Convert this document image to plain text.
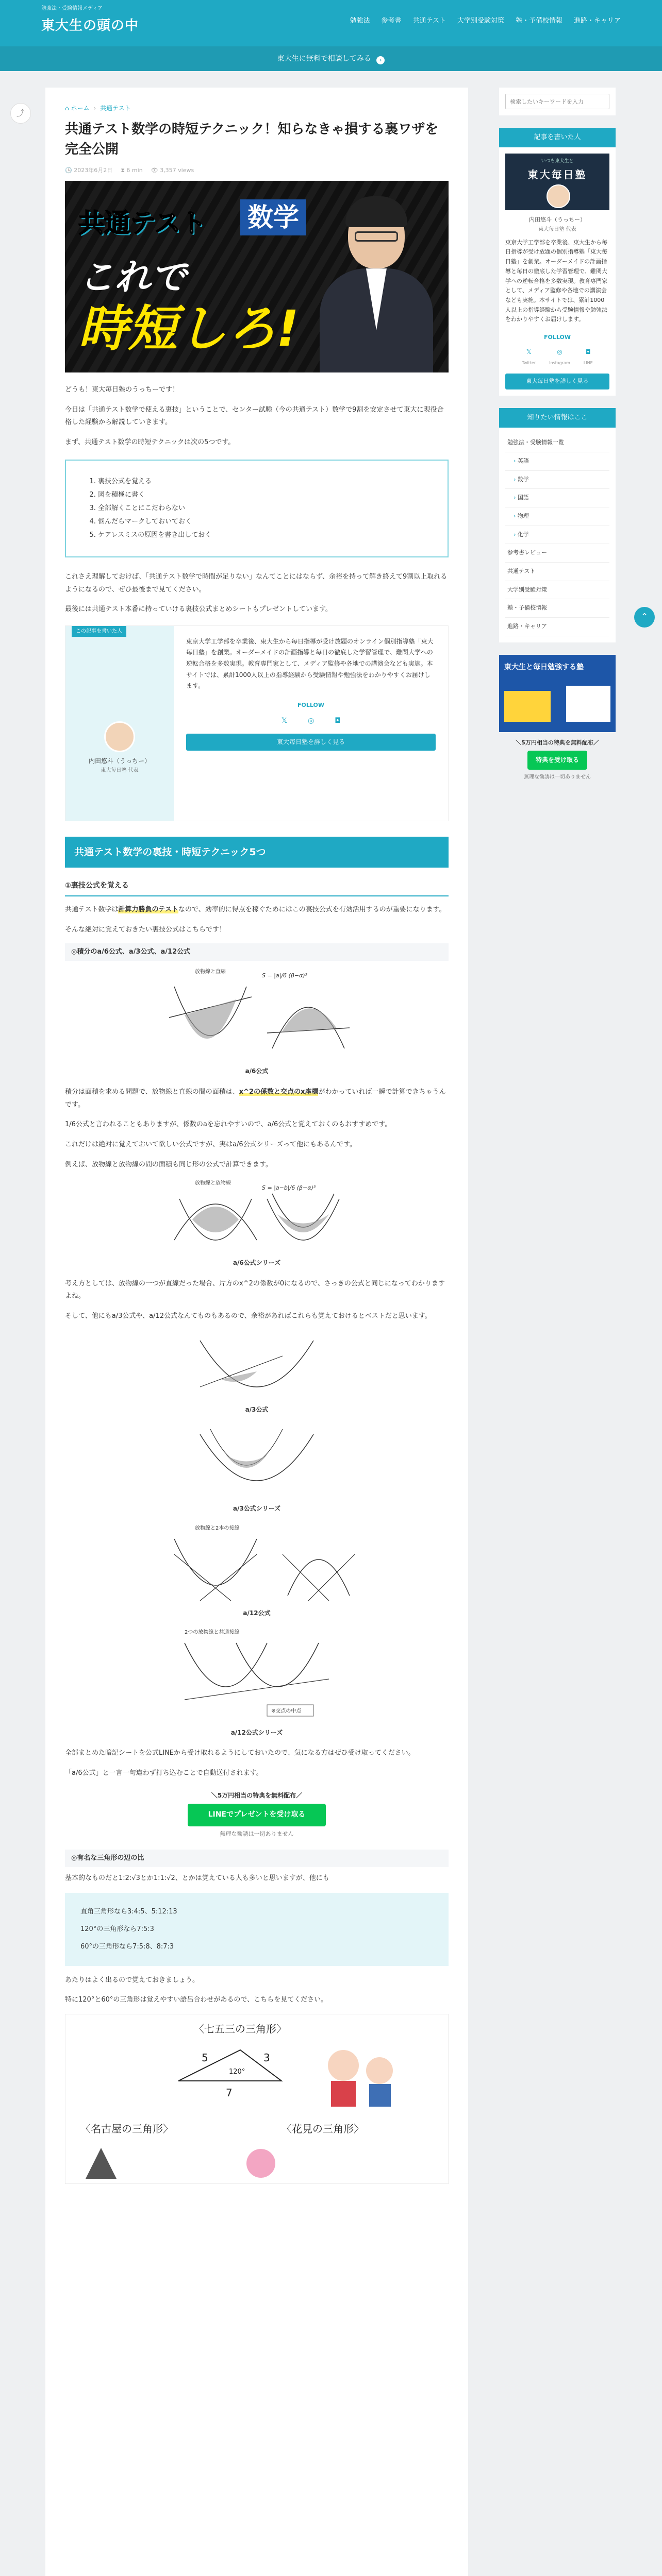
勉強法・受験情報メディア
東大生の頭の中	勉強法 参考書 共通テスト 大学別受験対策 塾・予備校情報 進路・キャリア
東大生に無料で相談してみる ›
⤴	⌂ ホーム › 共通テスト
共通テスト数学の時短テクニック！知らなきゃ損する裏ワザを完全公開
🕒 2023年6月2日 ⧗ 6 min 👁 3,357 views
共通テスト 数学
これで
時短しろ!

どうも！東大毎日塾のうっちーです！

今日は「共通テスト数学で使える裏技」ということで、センター試験（今の共通テスト）数学で9割を安定させて東大に現役合格した経験から解説していきます。

まず、共通テスト数学の時短テクニックは次の5つです。

1. 裏技公式を覚える
2. 図を積極に書く
3. 全部解くことにこだわらない
4. 悩んだらマークしておいておく
5. ケアレスミスの原因を書き出しておく

これさえ理解しておけば、「共通テスト数学で時間が足りない」なんてことにはならず、余裕を持って解き終えて9割以上取れるようになるので、ぜひ最後まで見てください。

最後には共通テスト本番に持っていける裏技公式まとめシートもプレゼントしています。

この記事を書いた人
内田悠斗（うっちー）
東大毎日塾 代表
東京大学工学部を卒業後、東大生から毎日指導が受け放題のオンライン個別指導塾「東大毎日塾」を創業。オーダーメイドの計画指導と毎日の徹底した学習管理で、難関大学への逆転合格を多数実現。教育専門家として、メディア監修や各地での講演会なども実施。本サイトでは、累計1000人以上の指導経験から受験情報や勉強法をわかりやすくお届けします。
FOLLOW
𝕏	◎	◘
東大毎日塾を詳しく見る
共通テスト数学の裏技・時短テクニック5つ
①裏技公式を覚える

共通テスト数学は計算力勝負のテストなので、効率的に得点を稼ぐためにはこの裏技公式を有効活用するのが重要になります。

そんな絶対に覚えておきたい裏技公式はこちらです！

◎積分のa/6公式、a/3公式、a/12公式
放物線と直線
S = |a|/6 (β−α)³
a/6公式

積分は面積を求める問題で、放物線と直線の間の面積は、x^2の係数と交点のx座標がわかっていれば一瞬で計算できちゃうんです。

1/6公式と言われることもありますが、係数のaを忘れやすいので、a/6公式と覚えておくのもおすすめです。

これだけは絶対に覚えておいて欲しい公式ですが、実はa/6公式シリーズって他にもあるんです。

例えば、放物線と放物線の間の面積も同じ形の公式で計算できます。

放物線と放物線
S = |a−b|/6 (β−α)³
a/6公式シリーズ

考え方としては、放物線の一つが直線だった場合、片方のx^2の係数が0になるので、さっきの公式と同じになってわかりますよね。

そして、他にもa/3公式や、a/12公式なんてものもあるので、余裕があればこれらも覚えておけるとベストだと思います。

a/3公式
a/3公式シリーズ
放物線と2本の接線
a/12公式
2つの放物線と共通接線
※交点の中点
a/12公式シリーズ

全部まとめた暗記シートを公式LINEから受け取れるようにしておいたので、気になる方はぜひ受け取ってください。

「a/6公式」と一言一句違わず打ち込むことで自動送付されます。

＼5万円相当の特典を無料配布／
LINEでプレゼントを受け取る
無理な勧誘は一切ありません
◎有名な三角形の辺の比

基本的なものだと1:2:√3とか1:1:√2、とかは覚えている人も多いと思いますが、他にも

直角三角形なら3:4:5、5:12:13
120°の三角形なら7:5:3
60°の三角形なら7:5:8、8:7:3

あたりはよく出るので覚えておきましょう。

特に120°と60°の三角形は覚えやすい語呂合わせがあるので、こちらを見てください。

〈七五三の三角形〉
5	3
7
120°
〈名古屋の三角形〉	〈花見の三角形〉
検索したいキーワードを入力
記事を書いた人
いつも東大生と
東大毎日塾
内田悠斗（うっちー）
東大毎日塾 代表
東京大学工学部を卒業後、東大生から毎日指導が受け放題の個別指導塾「東大毎日塾」を創業。オーダーメイドの計画指導と毎日の徹底した学習管理で、難関大学への逆転合格を多数実現。教育専門家として、メディア監修や各地での講演会なども実施。本サイトでは、累計1000人以上の指導経験から受験情報や勉強法をわかりやすくお届けします。
FOLLOW
𝕏
Twitter
◎
Instagram
◘
LINE
東大毎日塾を詳しく見る
知りたい情報はここ
勉強法・受験情報一覧
› 英語
› 数学
› 国語
› 物理
› 化学
参考書レビュー
共通テスト
大学別受験対策
塾・予備校情報
進路・キャリア
東大生と毎日勉強する塾
＼5万円相当の特典を無料配布／
特典を受け取る
無理な勧誘は一切ありません
⌃
